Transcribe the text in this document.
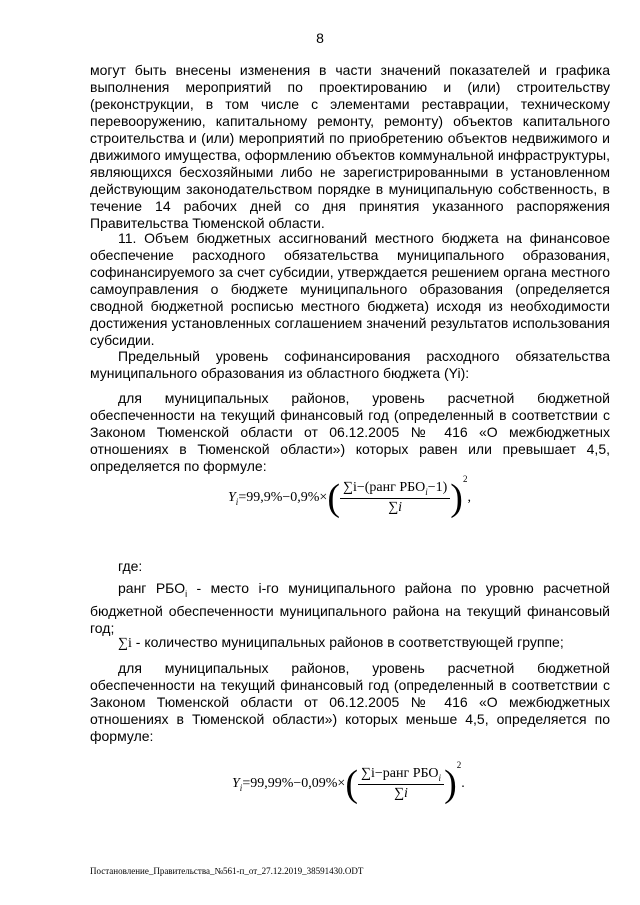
8

могут быть внесены изменения в части значений показателей и графика выполнения мероприятий по проектированию и (или) строительству (реконструкции, в том числе с элементами реставрации, техническому перевооружению, капитальному ремонту, ремонту) объектов капитального строительства и (или) мероприятий по приобретению объектов недвижимого и движимого имущества, оформлению объектов коммунальной инфраструктуры, являющихся бесхозяйными либо не зарегистрированными в установленном действующим законодательством порядке в муниципальную собственность, в течение 14 рабочих дней со дня принятия указанного распоряжения Правительства Тюменской области.

11. Объем бюджетных ассигнований местного бюджета на финансовое обеспечение расходного обязательства муниципального образования, софинансируемого за счет субсидии, утверждается решением органа местного самоуправления о бюджете муниципального образования (определяется сводной бюджетной росписью местного бюджета) исходя из необходимости достижения установленных соглашением значений результатов использования субсидии.

Предельный уровень софинансирования расходного обязательства муниципального образования из областного бюджета (Yi):

для муниципальных районов, уровень расчетной бюджетной обеспеченности на текущий финансовый год (определенный в соответствии с Законом Тюменской области от 06.12.2005 № 416 «О межбюджетных отношениях в Тюменской области») которых равен или превышает 4,5, определяется по формуле:

$Y_i=99,9\%-0,9\%\times( \frac{\sum i-(ранг РБО_i-1)}{\sum i} )^2$,

где:

ранг $РБО_i$ - место i-го муниципального района по уровню расчетной бюджетной обеспеченности муниципального района на текущий финансовый год;

∑i - количество муниципальных районов в соответствующей группе;

для муниципальных районов, уровень расчетной бюджетной обеспеченности на текущий финансовый год (определенный в соответствии с Законом Тюменской области от 06.12.2005 № 416 «О межбюджетных отношениях в Тюменской области») которых меньше 4,5, определяется по формуле:

$Y_i=99,99\%-0,09\%\times( \frac{\sum i-ранг РБО_i}{\sum i} )^2$.
Постановление_Правительства_№561-п_от_27.12.2019_38591430.ODT
